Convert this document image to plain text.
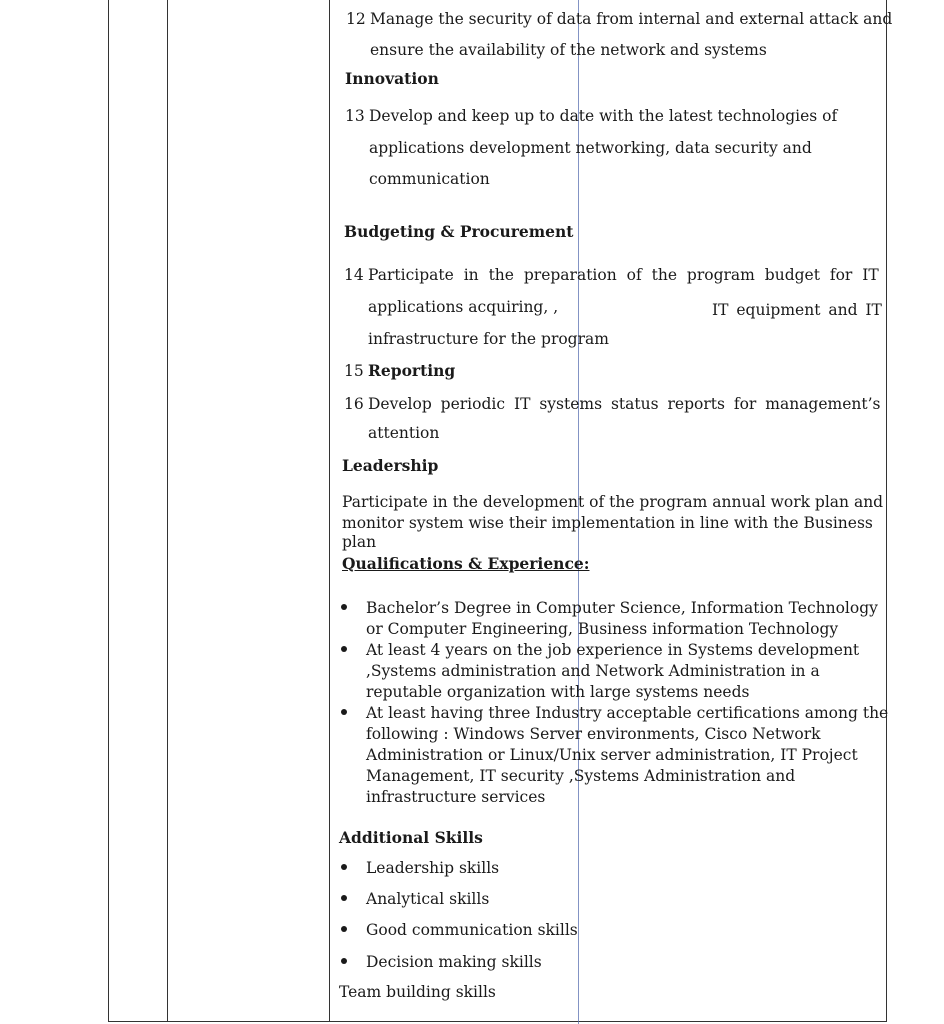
12 Manage the security of data from internal and external attack and
ensure the availability of the network and systems
Innovation
13 Develop and keep up to date with the latest technologies of
applications development networking, data security and
communication
Budgeting & Procurement
14 Participate in the preparation of the program budget for IT
applications acquiring, ,	IT equipment and IT
infrastructure for the program
15 Reporting
16 Develop periodic IT systems status reports for management’s
attention
Leadership
Participate in the development of the program annual work plan and
monitor system wise their implementation in line with the Business
plan
Qualifications & Experience:
Bachelor’s Degree in Computer Science, Information Technology
or Computer Engineering, Business information Technology
At least 4 years on the job experience in Systems development
,Systems administration and Network Administration in a
reputable organization with large systems needs
At least having three Industry acceptable certifications among the
following : Windows Server environments, Cisco Network
Administration or Linux/Unix server administration, IT Project
Management, IT security ,Systems Administration and
infrastructure services
Additional Skills
Leadership skills
Analytical skills
Good communication skills
Decision making skills
Team building skills
